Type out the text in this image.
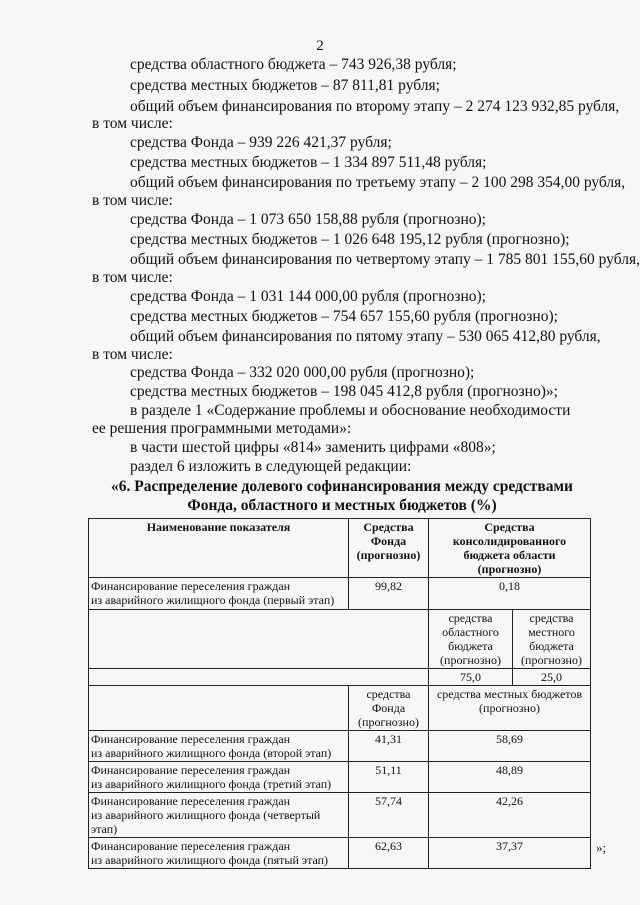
2
средства областного бюджета – 743 926,38 рубля;
средства местных бюджетов – 87 811,81 рубля;
общий объем финансирования по второму этапу – 2 274 123 932,85 рубля,
в том числе:
средства Фонда – 939 226 421,37 рубля;
средства местных бюджетов – 1 334 897 511,48 рубля;
общий объем финансирования по третьему этапу – 2 100 298 354,00 рубля,
в том числе:
средства Фонда – 1 073 650 158,88 рубля (прогнозно);
средства местных бюджетов – 1 026 648 195,12 рубля (прогнозно);
общий объем финансирования по четвертому этапу – 1 785 801 155,60 рубля,
в том числе:
средства Фонда – 1 031 144 000,00 рубля (прогнозно);
средства местных бюджетов – 754 657 155,60 рубля (прогнозно);
общий объем финансирования по пятому этапу – 530 065 412,80 рубля,
в том числе:
средства Фонда – 332 020 000,00 рубля (прогнозно);
средства местных бюджетов – 198 045 412,8 рубля (прогнозно)»;
в разделе 1 «Содержание проблемы и обоснование необходимости
ее решения программными методами»:
в части шестой цифры «814» заменить цифрами «808»;
раздел 6 изложить в следующей редакции:
«6. Распределение долевого софинансирования между средствами
Фонда, областного и местных бюджетов (%)
Наименование показателя	Средства Фонда (прогнозно)	Средства консолидированного бюджета области (прогнозно)	

Финансирование переселения граждан
из аварийного жилищного фонда (первый этап)	99,82	0,18	
		средства областного бюджета (прогнозно)	средства местного бюджета (прогнозно)
		75,0	25,0
	средства Фонда (прогнозно)	средства местных бюджетов (прогнозно)	

Финансирование переселения граждан
из аварийного жилищного фонда (второй этап)	41,31	58,69	

Финансирование переселения граждан
из аварийного жилищного фонда (третий этап)	51,11	48,89	

Финансирование переселения граждан
из аварийного жилищного фонда (четвертый этап)	57,74	42,26	

Финансирование переселения граждан
из аварийного жилищного фонда (пятый этап)	62,63	37,37		»;
